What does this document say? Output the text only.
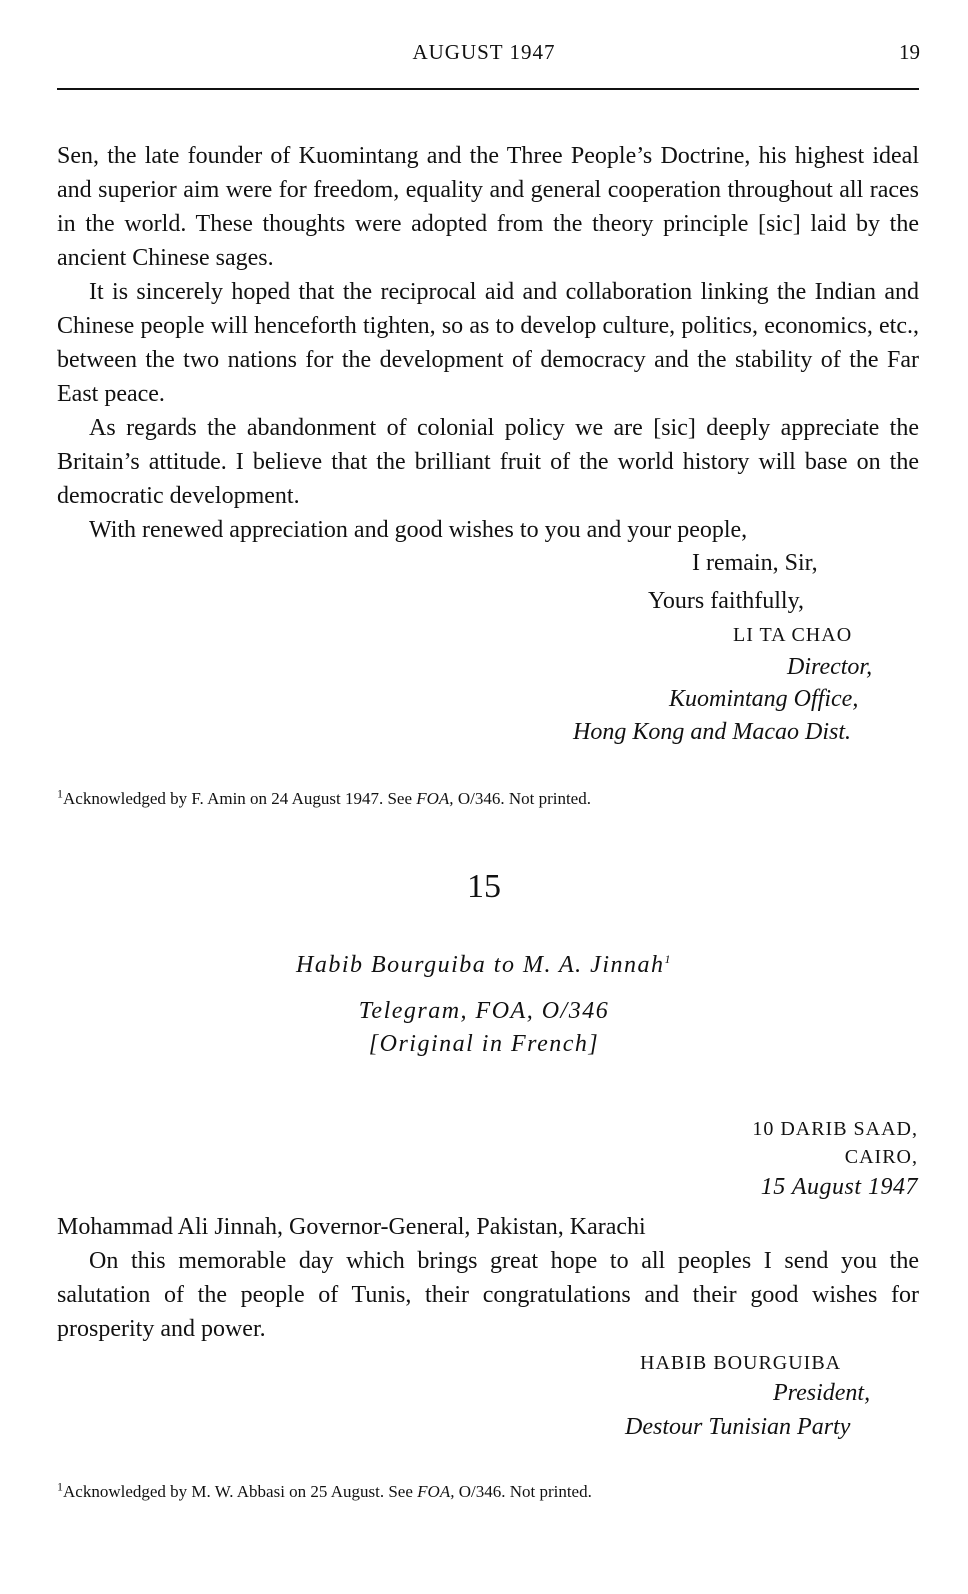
AUGUST 1947	19

Sen, the late founder of Kuomintang and the Three People’s Doctrine, his highest ideal and superior aim were for freedom, equality and general cooperation throughout all races in the world. These thoughts were adopted from the theory principle [sic] laid by the ancient Chinese sages.

It is sincerely hoped that the reciprocal aid and collaboration linking the Indian and Chinese people will henceforth tighten, so as to develop culture, politics, economics, etc., between the two nations for the development of democracy and the stability of the Far East peace.

As regards the abandonment of colonial policy we are [sic] deeply appreciate the Britain’s attitude. I believe that the brilliant fruit of the world history will base on the democratic development.

With renewed appreciation and good wishes to you and your people,

I remain, Sir,
Yours faithfully,
LI TA CHAO
Director,
Kuomintang Office,
Hong Kong and Macao Dist.
$^1$Acknowledged by F. Amin on 24 August 1947. See FOA, O/346. Not printed.
15
Habib Bourguiba to M. A. Jinnah$^1$
Telegram, FOA, O/346
[Original in French]
10 DARIB SAAD,
CAIRO,
15 August 1947

Mohammad Ali Jinnah, Governor-General, Pakistan, Karachi

On this memorable day which brings great hope to all peoples I send you the salutation of the people of Tunis, their congratulations and their good wishes for prosperity and power.

HABIB BOURGUIBA
President,
Destour Tunisian Party
$^1$Acknowledged by M. W. Abbasi on 25 August. See FOA, O/346. Not printed.
